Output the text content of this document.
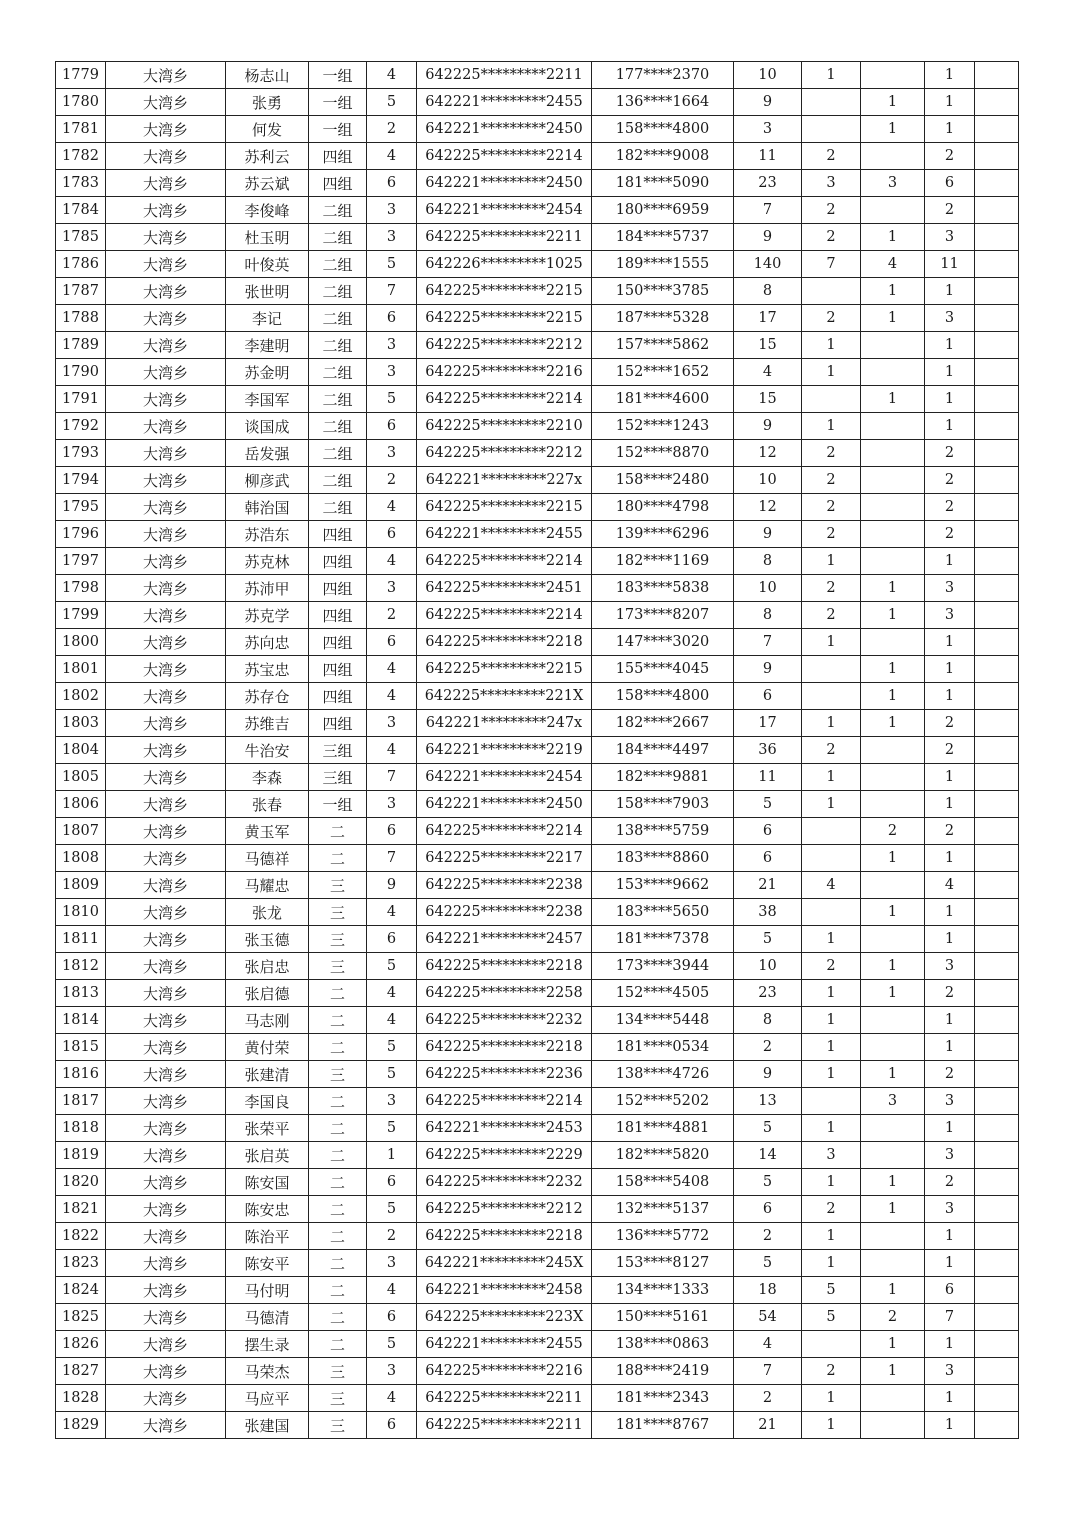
1779	大湾乡	杨志山	一组	4	642225*********2211	177****2370	10	1		1	
1780	大湾乡	张勇	一组	5	642221*********2455	136****1664	9		1	1	
1781	大湾乡	何发	一组	2	642221*********2450	158****4800	3		1	1	
1782	大湾乡	苏利云	四组	4	642225*********2214	182****9008	11	2		2	
1783	大湾乡	苏云斌	四组	6	642221*********2450	181****5090	23	3	3	6	
1784	大湾乡	李俊峰	二组	3	642221*********2454	180****6959	7	2		2	
1785	大湾乡	杜玉明	二组	3	642225*********2211	184****5737	9	2	1	3	
1786	大湾乡	叶俊英	二组	5	642226*********1025	189****1555	140	7	4	11	
1787	大湾乡	张世明	二组	7	642225*********2215	150****3785	8		1	1	
1788	大湾乡	李记	二组	6	642225*********2215	187****5328	17	2	1	3	
1789	大湾乡	李建明	二组	3	642225*********2212	157****5862	15	1		1	
1790	大湾乡	苏金明	二组	3	642225*********2216	152****1652	4	1		1	
1791	大湾乡	李国军	二组	5	642225*********2214	181****4600	15		1	1	
1792	大湾乡	谈国成	二组	6	642225*********2210	152****1243	9	1		1	
1793	大湾乡	岳发强	二组	3	642225*********2212	152****8870	12	2		2	
1794	大湾乡	柳彦武	二组	2	642221*********227x	158****2480	10	2		2	
1795	大湾乡	韩治国	二组	4	642225*********2215	180****4798	12	2		2	
1796	大湾乡	苏浩东	四组	6	642221*********2455	139****6296	9	2		2	
1797	大湾乡	苏克林	四组	4	642225*********2214	182****1169	8	1		1	
1798	大湾乡	苏沛甲	四组	3	642225*********2451	183****5838	10	2	1	3	
1799	大湾乡	苏克学	四组	2	642225*********2214	173****8207	8	2	1	3	
1800	大湾乡	苏向忠	四组	6	642225*********2218	147****3020	7	1		1	
1801	大湾乡	苏宝忠	四组	4	642225*********2215	155****4045	9		1	1	
1802	大湾乡	苏存仓	四组	4	642225*********221X	158****4800	6		1	1	
1803	大湾乡	苏维吉	四组	3	642221*********247x	182****2667	17	1	1	2	
1804	大湾乡	牛治安	三组	4	642221*********2219	184****4497	36	2		2	
1805	大湾乡	李森	三组	7	642221*********2454	182****9881	11	1		1	
1806	大湾乡	张春	一组	3	642221*********2450	158****7903	5	1		1	
1807	大湾乡	黄玉军	二	6	642225*********2214	138****5759	6		2	2	
1808	大湾乡	马德祥	二	7	642225*********2217	183****8860	6		1	1	
1809	大湾乡	马耀忠	三	9	642225*********2238	153****9662	21	4		4	
1810	大湾乡	张龙	三	4	642225*********2238	183****5650	38		1	1	
1811	大湾乡	张玉德	三	6	642221*********2457	181****7378	5	1		1	
1812	大湾乡	张启忠	三	5	642225*********2218	173****3944	10	2	1	3	
1813	大湾乡	张启德	二	4	642225*********2258	152****4505	23	1	1	2	
1814	大湾乡	马志刚	二	4	642225*********2232	134****5448	8	1		1	
1815	大湾乡	黄付荣	二	5	642225*********2218	181****0534	2	1		1	
1816	大湾乡	张建清	三	5	642225*********2236	138****4726	9	1	1	2	
1817	大湾乡	李国良	二	3	642225*********2214	152****5202	13		3	3	
1818	大湾乡	张荣平	二	5	642221*********2453	181****4881	5	1		1	
1819	大湾乡	张启英	二	1	642225*********2229	182****5820	14	3		3	
1820	大湾乡	陈安国	二	6	642225*********2232	158****5408	5	1	1	2	
1821	大湾乡	陈安忠	二	5	642225*********2212	132****5137	6	2	1	3	
1822	大湾乡	陈治平	二	2	642225*********2218	136****5772	2	1		1	
1823	大湾乡	陈安平	二	3	642221*********245X	153****8127	5	1		1	
1824	大湾乡	马付明	二	4	642221*********2458	134****1333	18	5	1	6	
1825	大湾乡	马德清	二	6	642225*********223X	150****5161	54	5	2	7	
1826	大湾乡	摆生录	二	5	642221*********2455	138****0863	4		1	1	
1827	大湾乡	马荣杰	三	3	642225*********2216	188****2419	7	2	1	3	
1828	大湾乡	马应平	三	4	642225*********2211	181****2343	2	1		1	
1829	大湾乡	张建国	三	6	642225*********2211	181****8767	21	1		1	
